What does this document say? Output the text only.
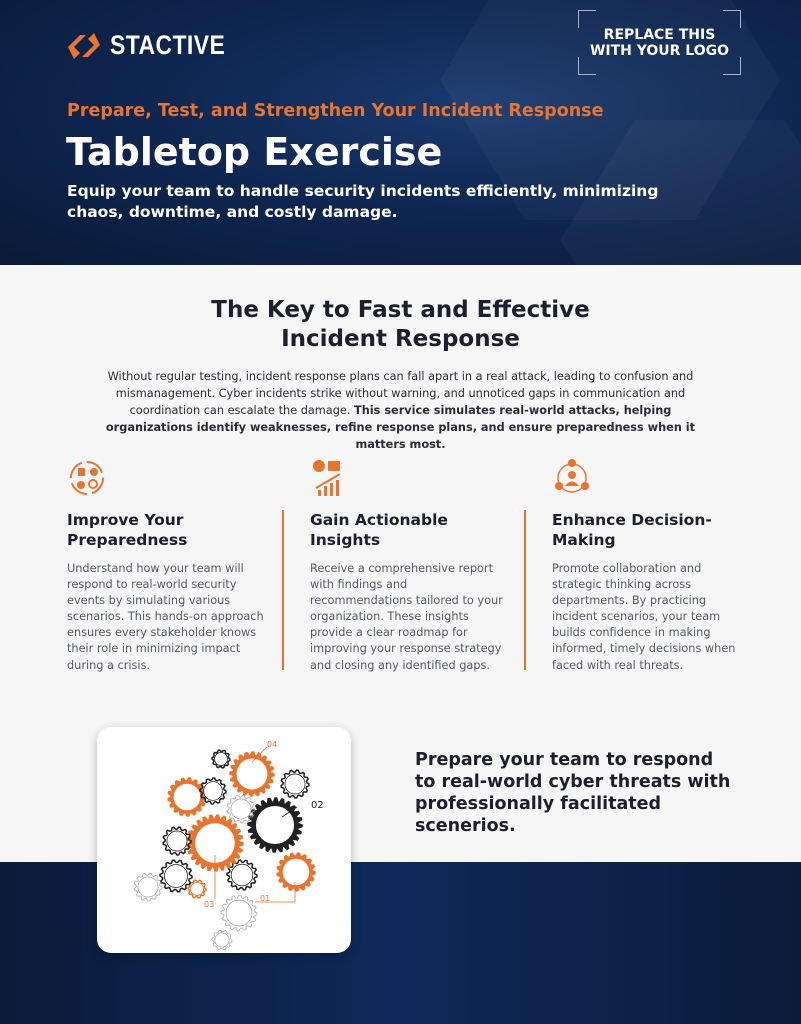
STACTIVE	REPLACE THIS
WITH YOUR LOGO
Prepare, Test, and Strengthen Your Incident Response
Tabletop Exercise

Equip your team to handle security incidents efficiently, minimizing chaos, downtime, and costly damage.

The Key to Fast and Effective
Incident Response

Without regular testing, incident response plans can fall apart in a real attack, leading to confusion and mismanagement. Cyber incidents strike without warning, and unnoticed gaps in communication and coordination can escalate the damage. This service simulates real-world attacks, helping organizations identify weaknesses, refine response plans, and ensure preparedness when it matters most.

Improve Your Preparedness

Understand how your team will respond to real-world security events by simulating various scenarios. This hands-on approach ensures every stakeholder knows their role in minimizing impact during a crisis.

Gain Actionable Insights

Receive a comprehensive report with findings and recommendations tailored to your organization. These insights provide a clear roadmap for improving your response strategy and closing any identified gaps.

Enhance Decision-Making

Promote collaboration and strategic thinking across departments. By practicing incident scenarios, your team builds confidence in making informed, timely decisions when faced with real threats.

04
02
03
01

Prepare your team to respond to real-world cyber threats with professionally facilitated scenerios.
